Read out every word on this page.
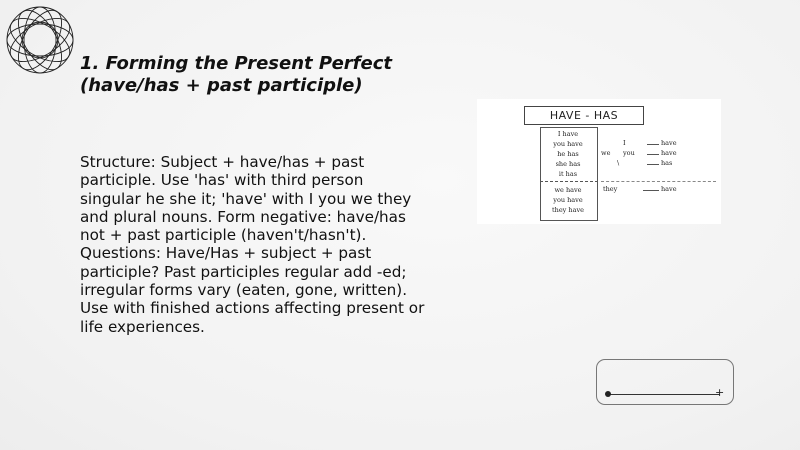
1. Forming the Present Perfect
(have/has + past participle)
Structure: Subject + have/has + past participle. Use 'has' with third person singular he she it; 'have' with I you we they and plural nouns. Form negative: have/has not + past participle (haven't/hasn't). Questions: Have/Has + subject + past participle? Past participles regular add -ed; irregular forms vary (eaten, gone, written). Use with finished actions affecting present or life experiences.
HAVE - HAS
I have
you have
he has
she has
it has
we have
you have
they have
I
you
we
\
they
have
have
has
have
+
